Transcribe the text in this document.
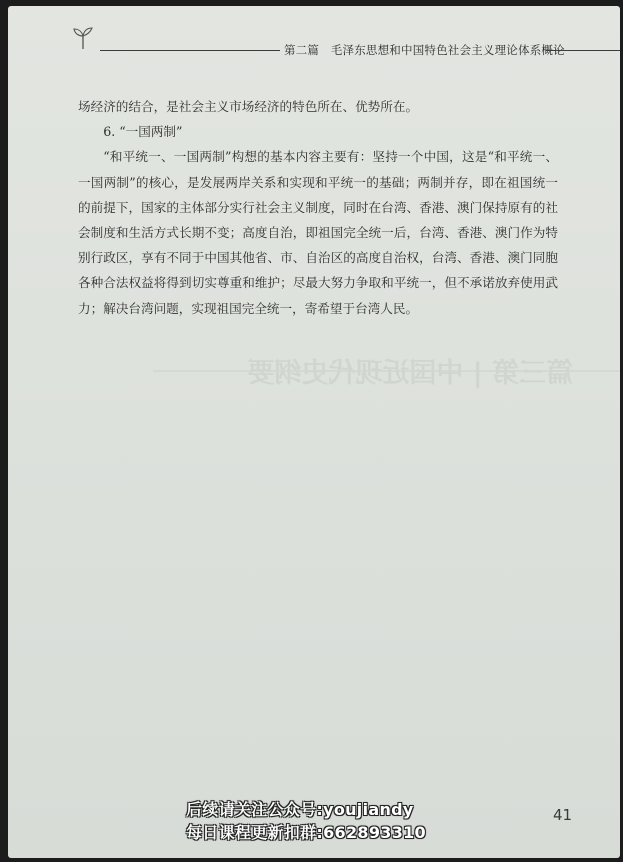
第二篇　毛泽东思想和中国特色社会主义理论体系概论

场经济的结合，是社会主义市场经济的特色所在、优势所在。

6. “一国两制”

“和平统一、一国两制”构想的基本内容主要有：坚持一个中国，这是“和平统一、一国两制”的核心，是发展两岸关系和实现和平统一的基础；两制并存，即在祖国统一的前提下，国家的主体部分实行社会主义制度，同时在台湾、香港、澳门保持原有的社会制度和生活方式长期不变；高度自治，即祖国完全统一后，台湾、香港、澳门作为特别行政区，享有不同于中国其他省、市、自治区的高度自治权，台湾、香港、澳门同胞各种合法权益将得到切实尊重和维护；尽最大努力争取和平统一，但不承诺放弃使用武力；解决台湾问题，实现祖国完全统一，寄希望于台湾人民。

篇三第 | 中国近现代史纲要
41
后续请关注公众号:youjiandy
每日课程更新扣群:662893310
